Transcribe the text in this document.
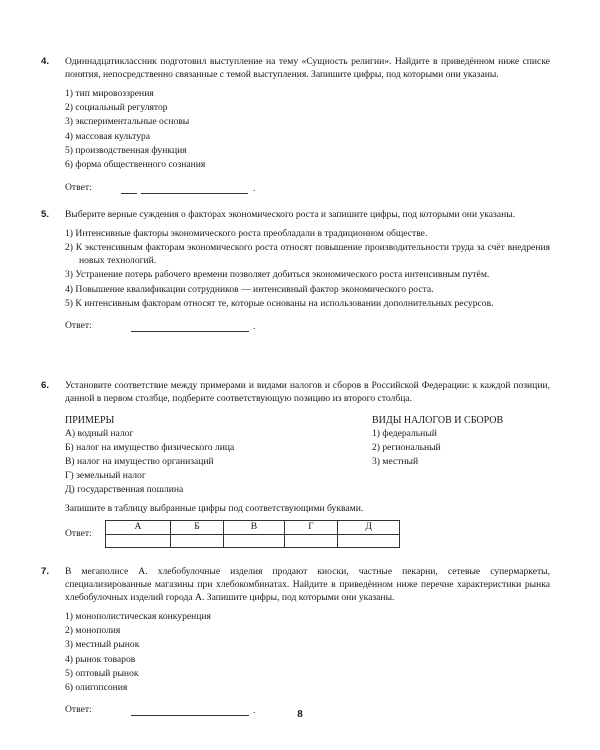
4. Одиннадцатиклассник подготовил выступление на тему «Сущность религии». Найдите в приведённом ниже списке понятия, непосредственно связанные с темой выступления. Запишите цифры, под которыми они указаны.

1) тип мировоззрения
2) социальный регулятор
3) экспериментальные основы
4) массовая культура
5) производственная функция
6) форма общественного сознания
Ответ:	.
5. Выберите верные суждения о факторах экономического роста и запишите цифры, под которыми они указаны.

1) Интенсивные факторы экономического роста преобладали в традиционном обществе.
2) К экстенсивным факторам экономического роста относят повышение производительности труда за счёт внедрения новых технологий.
3) Устранение потерь рабочего времени позволяет добиться экономического роста интенсивным путём.
4) Повышение квалификации сотрудников — интенсивный фактор экономического роста.
5) К интенсивным факторам относят те, которые основаны на использовании дополнительных ресурсов.
Ответ:	.
6. Установите соответствие между примерами и видами налогов и сборов в Российской Федерации: к каждой позиции, данной в первом столбце, подберите соответствующую позицию из второго столбца.

ПРИМЕРЫ
А) водный налог
Б) налог на имущество физического лица
В) налог на имущество организаций
Г) земельный налог
Д) государственная пошлина
ВИДЫ НАЛОГОВ И СБОРОВ
1) федеральный
2) региональный
3) местный

Запишите в таблицу выбранные цифры под соответствующими буквами.

Ответ:
А	Б	В	Г	Д

7. В мегаполисе А. хлебобулочные изделия продают киоски, частные пекарни, сетевые супермаркеты, специализированные магазины при хлебокомбинатах. Найдите в приведённом ниже перечне характеристики рынка хлебобулочных изделий города А. Запишите цифры, под которыми они указаны.

1) монополистическая конкуренция
2) монополия
3) местный рынок
4) рынок товаров
5) оптовый рынок
6) олигопсония
Ответ:	.	8
